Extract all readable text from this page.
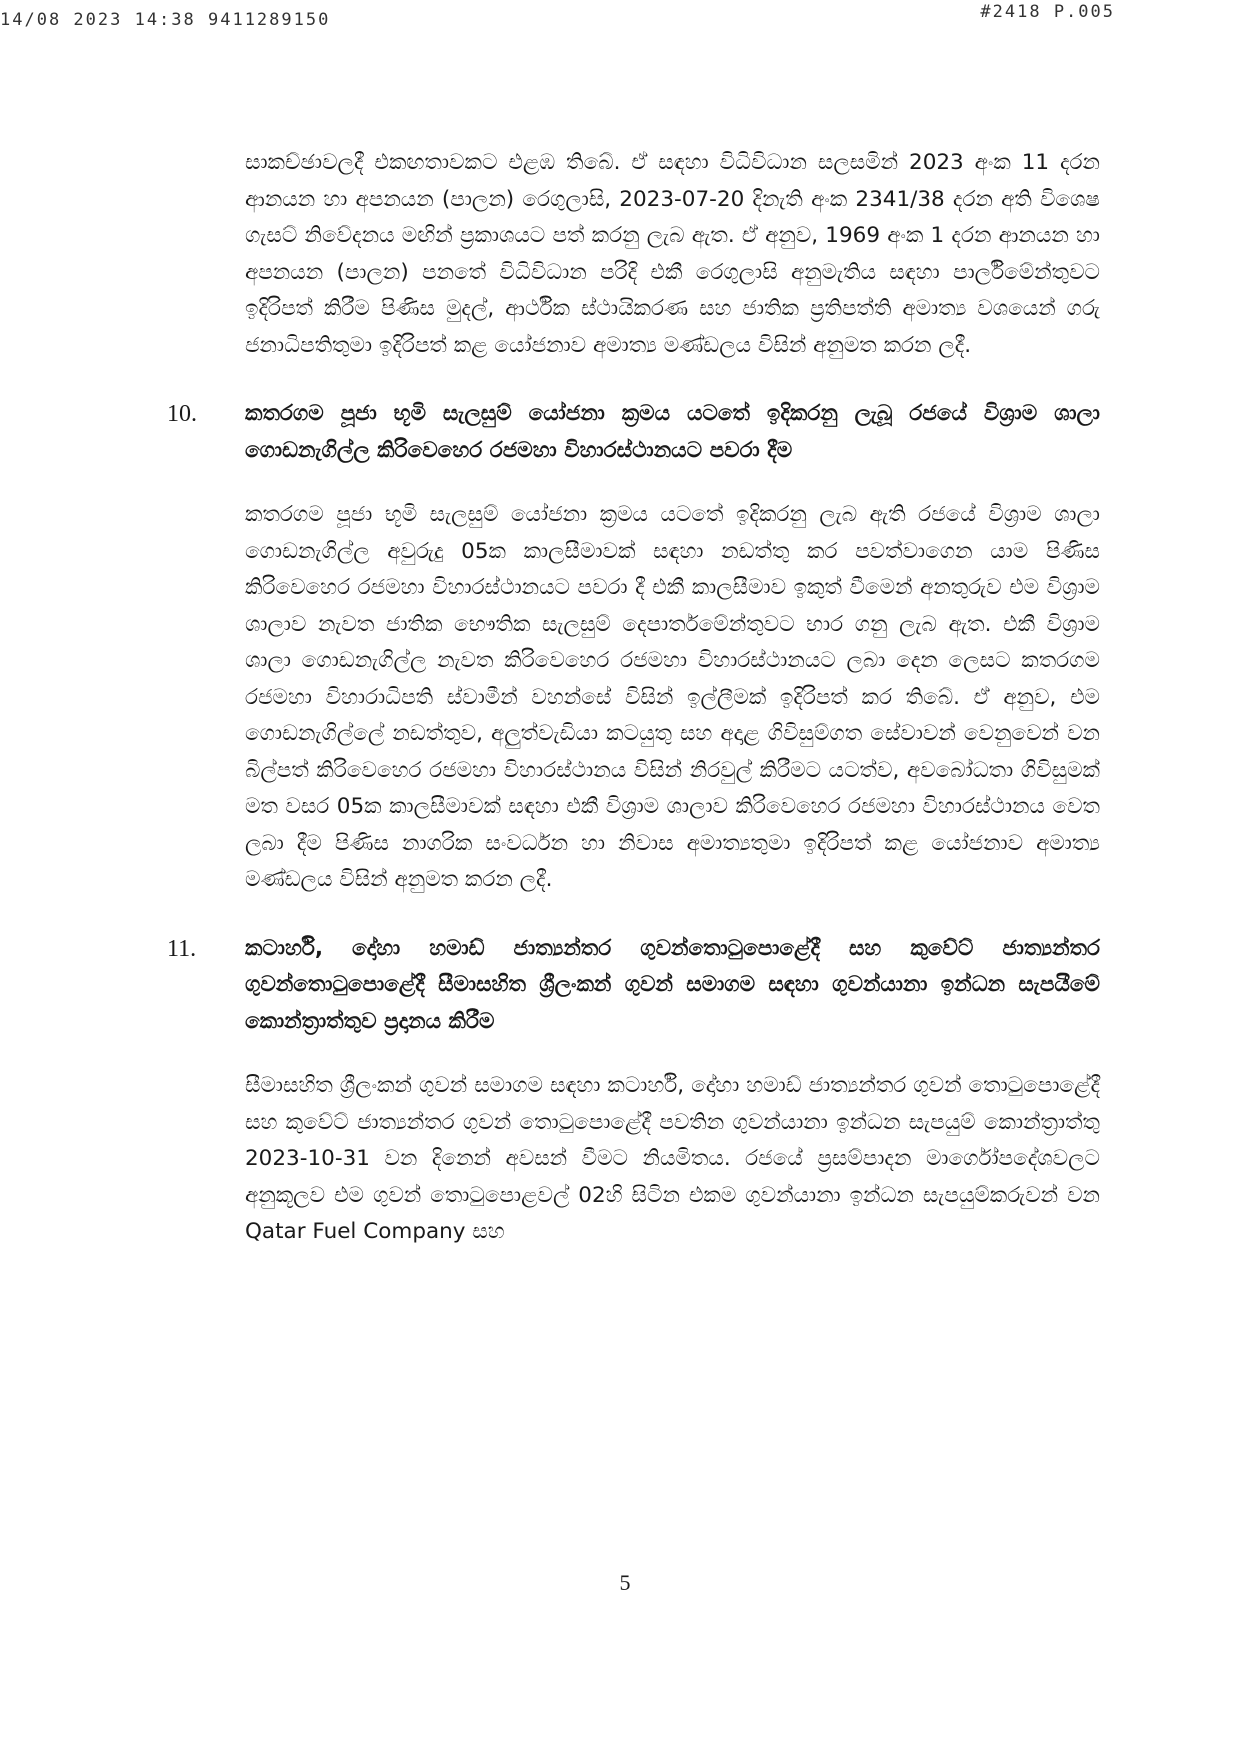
14/08 2023 14:38 9411289150	#2418 P.005

සාකච්ඡාවලදී එකඟතාවකට එළඹ තිබේ. ඒ සඳහා විධිවිධාන සලසමින් 2023 අංක 11 දරන ආනයන හා අපනයන (පාලන) රෙගුලාසි, 2023-07-20 දිනැති අංක 2341/38 දරන අති විශෙෂ ගැසට් නිවේදනය මඟින් ප්‍රකාශයට පත් කරනු ලැබ ඇත. ඒ අනුව, 1969 අංක 1 දරන ආනයන හා අපනයන (පාලන) පනතේ විධිවිධාන පරිදි එකී රෙගුලාසි අනුමැතිය සඳහා පාර්ලිමේන්තුවට ඉදිරිපත් කිරීම පිණිස මුදල්, ආර්ථික ස්ථායිකරණ සහ ජාතික ප්‍රතිපත්ති අමාත්‍ය වශයෙන් ගරු ජනාධිපතිතුමා ඉදිරිපත් කළ යෝජනාව අමාත්‍ය මණ්ඩලය විසින් අනුමත කරන ලදී.

10. කතරගම පූජා භූමි සැලසුම් යෝජනා ක්‍රමය යටතේ ඉදිකරනු ලැබූ රජයේ විශ්‍රාම ශාලා ගොඩනැගිල්ල කිරිවෙහෙර රජමහා විහාරස්ථානයට පවරා දීම

කතරගම පූජා භූමි සැලසුම් යෝජනා ක්‍රමය යටතේ ඉදිකරනු ලැබ ඇති රජයේ විශ්‍රාම ශාලා ගොඩනැගිල්ල අවුරුදු 05ක කාලසීමාවක් සඳහා නඩත්තු කර පවත්වාගෙන යාම පිණිස කිරිවෙහෙර රජමහා විහාරස්ථානයට පවරා දී එකී කාලසීමාව ඉකුත් වීමෙන් අනතුරුව එම විශ්‍රාම ශාලාව නැවත ජාතික භෞතික සැලසුම් දෙපාර්තමේන්තුවට භාර ගනු ලැබ ඇත. එකී විශ්‍රාම ශාලා ගොඩනැගිල්ල නැවත කිරිවෙහෙර රජමහා විහාරස්ථානයට ලබා දෙන ලෙසට කතරගම රජමහා විහාරාධිපති ස්වාමීන් වහන්සේ විසින් ඉල්ලීමක් ඉදිරිපත් කර තිබේ. ඒ අනුව, එම ගොඩනැගිල්ලේ නඩත්තුව, අලුත්වැඩියා කටයුතු සහ අදාළ ගිවිසුම්ගත සේවාවන් වෙනුවෙන් වන බිල්පත් කිරිවෙහෙර රජමහා විහාරස්ථානය විසින් නිරවුල් කිරීමට යටත්ව, අවබෝධතා ගිවිසුමක් මත වසර 05ක කාලසීමාවක් සඳහා එකී විශ්‍රාම ශාලාව කිරිවෙහෙර රජමහා විහාරස්ථානය වෙත ලබා දීම පිණිස නාගරික සංවර්ධන හා නිවාස අමාත්‍යතුමා ඉදිරිපත් කළ යෝජනාව අමාත්‍ය මණ්ඩලය විසින් අනුමත කරන ලදී.

11. කටාර්හි, දෝහා හමාඩ් ජාත්‍යන්තර ගුවන්තොටුපොළේදී සහ කුවේට් ජාත්‍යන්තර ගුවන්තොටුපොළේදී සීමාසහිත ශ්‍රීලංකන් ගුවන් සමාගම සඳහා ගුවන්යානා ඉන්ධන සැපයීමේ කොන්ත්‍රාත්තුව ප්‍රදානය කිරීම

සීමාසහිත ශ්‍රීලංකන් ගුවන් සමාගම සඳහා කටාර්හි, දෝහා හමාඩ් ජාත්‍යන්තර ගුවන් තොටුපොළේදී සහ කුවේට් ජාත්‍යන්තර ගුවන් තොටුපොළේදී පවතින ගුවන්යානා ඉන්ධන සැපයුම් කොන්ත්‍රාත්තු 2023-10-31 වන දිනෙන් අවසන් වීමට නියමිතය. රජයේ ප්‍රසම්පාදන මාර්ගෝපදේශවලට අනුකූලව එම ගුවන් තොටුපොළවල් 02හි සිටින එකම ගුවන්යානා ඉන්ධන සැපයුම්කරුවන් වන Qatar Fuel Company සහ

5
